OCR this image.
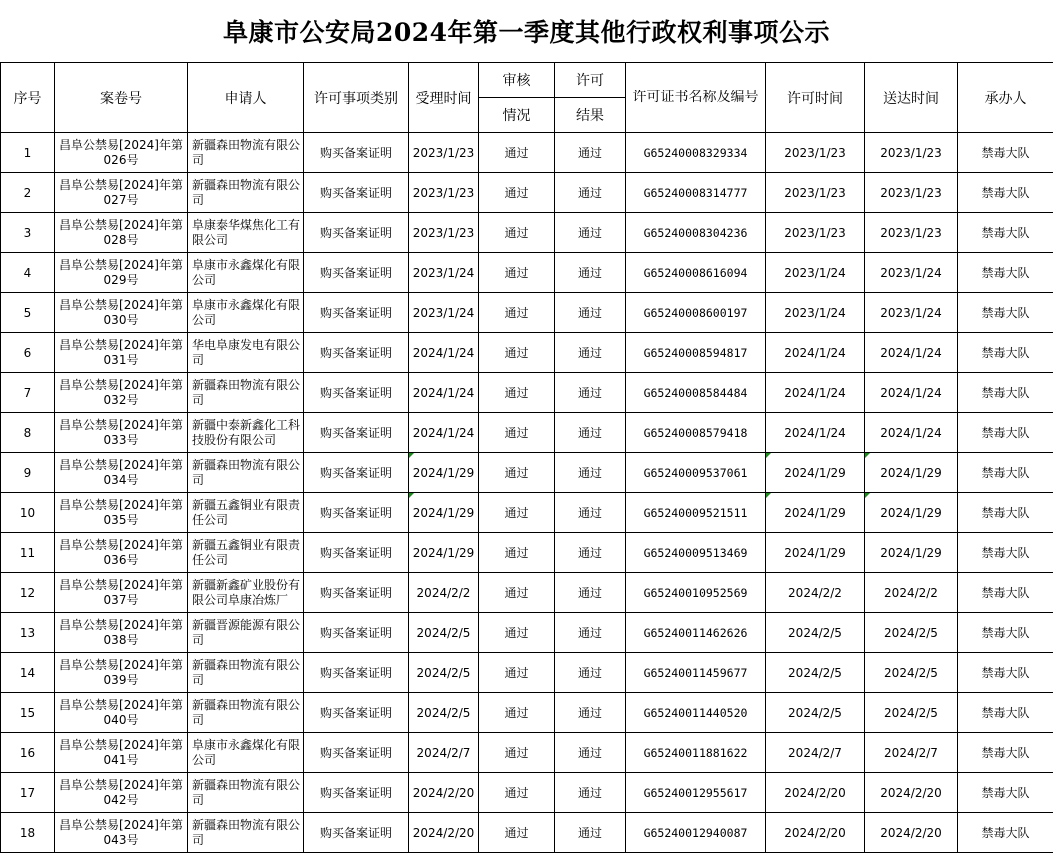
阜康市公安局2024年第一季度其他行政权利事项公示
序号	案卷号	申请人	许可事项类别	受理时间	审核	许可	许可证书名称及编号	许可时间	送达时间	承办人
					情况	结果				
1	昌阜公禁易[2024]年第026号	新疆森田物流有限公司	购买备案证明	2023/1/23	通过	通过	G65240008329334	2023/1/23	2023/1/23	禁毒大队
2	昌阜公禁易[2024]年第027号	新疆森田物流有限公司	购买备案证明	2023/1/23	通过	通过	G65240008314777	2023/1/23	2023/1/23	禁毒大队
3	昌阜公禁易[2024]年第028号	阜康泰华煤焦化工有限公司	购买备案证明	2023/1/23	通过	通过	G65240008304236	2023/1/23	2023/1/23	禁毒大队
4	昌阜公禁易[2024]年第029号	阜康市永鑫煤化有限公司	购买备案证明	2023/1/24	通过	通过	G65240008616094	2023/1/24	2023/1/24	禁毒大队
5	昌阜公禁易[2024]年第030号	阜康市永鑫煤化有限公司	购买备案证明	2023/1/24	通过	通过	G65240008600197	2023/1/24	2023/1/24	禁毒大队
6	昌阜公禁易[2024]年第031号	华电阜康发电有限公司	购买备案证明	2024/1/24	通过	通过	G65240008594817	2024/1/24	2024/1/24	禁毒大队
7	昌阜公禁易[2024]年第032号	新疆森田物流有限公司	购买备案证明	2024/1/24	通过	通过	G65240008584484	2024/1/24	2024/1/24	禁毒大队
8	昌阜公禁易[2024]年第033号	新疆中泰新鑫化工科技股份有限公司	购买备案证明	2024/1/24	通过	通过	G65240008579418	2024/1/24	2024/1/24	禁毒大队
9	昌阜公禁易[2024]年第034号	新疆森田物流有限公司	购买备案证明	2024/1/29	通过	通过	G65240009537061	2024/1/29	2024/1/29	禁毒大队
10	昌阜公禁易[2024]年第035号	新疆五鑫铜业有限责任公司	购买备案证明	2024/1/29	通过	通过	G65240009521511	2024/1/29	2024/1/29	禁毒大队
11	昌阜公禁易[2024]年第036号	新疆五鑫铜业有限责任公司	购买备案证明	2024/1/29	通过	通过	G65240009513469	2024/1/29	2024/1/29	禁毒大队
12	昌阜公禁易[2024]年第037号	新疆新鑫矿业股份有限公司阜康冶炼厂	购买备案证明	2024/2/2	通过	通过	G65240010952569	2024/2/2	2024/2/2	禁毒大队
13	昌阜公禁易[2024]年第038号	新疆晋源能源有限公司	购买备案证明	2024/2/5	通过	通过	G65240011462626	2024/2/5	2024/2/5	禁毒大队
14	昌阜公禁易[2024]年第039号	新疆森田物流有限公司	购买备案证明	2024/2/5	通过	通过	G65240011459677	2024/2/5	2024/2/5	禁毒大队
15	昌阜公禁易[2024]年第040号	新疆森田物流有限公司	购买备案证明	2024/2/5	通过	通过	G65240011440520	2024/2/5	2024/2/5	禁毒大队
16	昌阜公禁易[2024]年第041号	阜康市永鑫煤化有限公司	购买备案证明	2024/2/7	通过	通过	G65240011881622	2024/2/7	2024/2/7	禁毒大队
17	昌阜公禁易[2024]年第042号	新疆森田物流有限公司	购买备案证明	2024/2/20	通过	通过	G65240012955617	2024/2/20	2024/2/20	禁毒大队
18	昌阜公禁易[2024]年第043号	新疆森田物流有限公司	购买备案证明	2024/2/20	通过	通过	G65240012940087	2024/2/20	2024/2/20	禁毒大队
